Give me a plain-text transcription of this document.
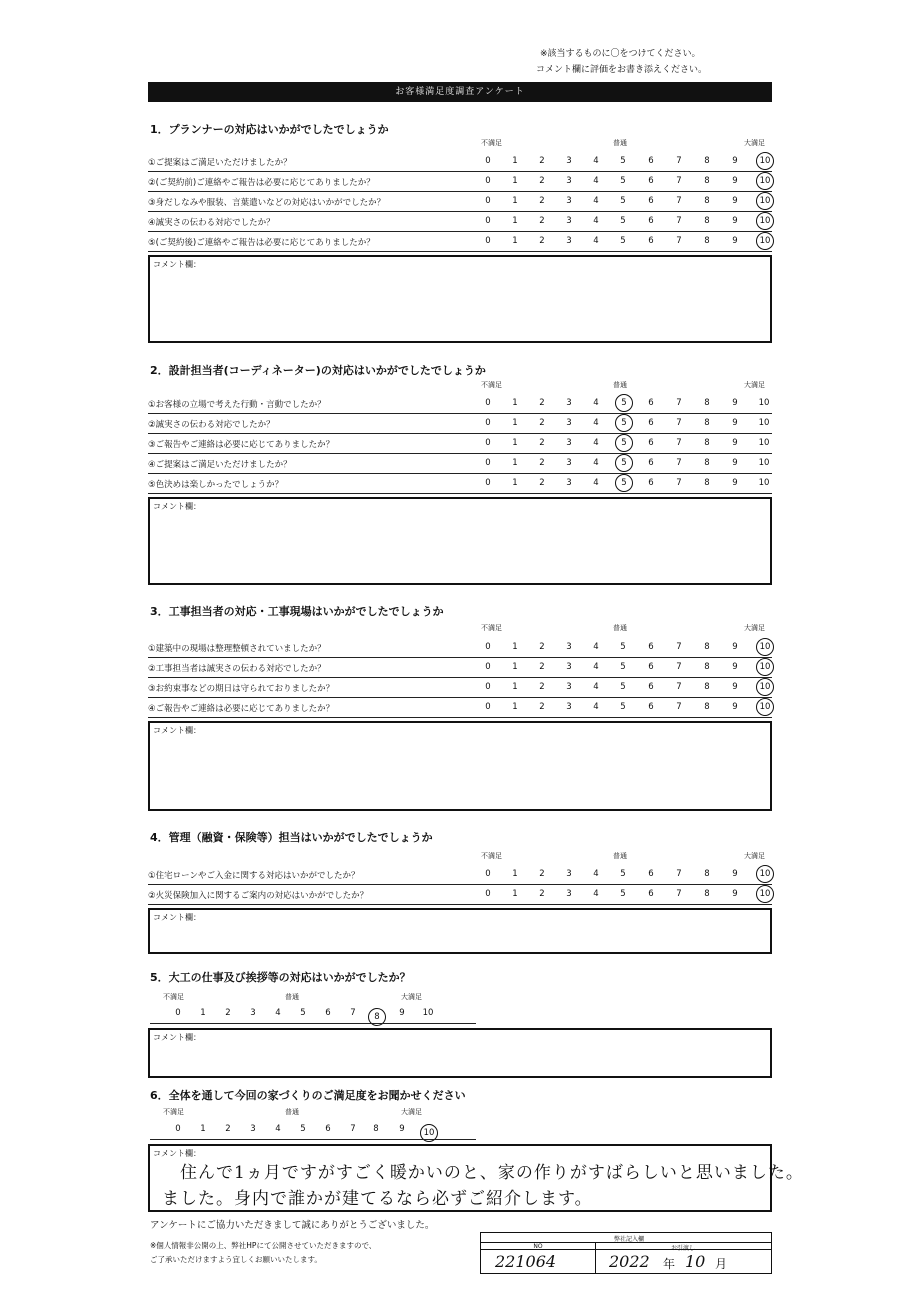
※該当するものに〇をつけてください。
コメント欄に評価をお書き添えください。
お客様満足度調査アンケート
1．プランナーの対応はいかがでしたでしょうか
不満足	普通	大満足
①ご提案はご満足いただけましたか？	0	1	2	3	4	5	6	7	8	9	10
②(ご契約前)ご連絡やご報告は必要に応じてありましたか？	0	1	2	3	4	5	6	7	8	9	10
③身だしなみや服装、言葉遣いなどの対応はいかがでしたか？	0	1	2	3	4	5	6	7	8	9	10
④誠実さの伝わる対応でしたか？	0	1	2	3	4	5	6	7	8	9	10
⑤(ご契約後)ご連絡やご報告は必要に応じてありましたか？	0	1	2	3	4	5	6	7	8	9	10
コメント欄：
2．設計担当者(コーディネーター)の対応はいかがでしたでしょうか
不満足	普通	大満足
①お客様の立場で考えた行動・言動でしたか？	0	1	2	3	4	5	6	7	8	9	10
②誠実さの伝わる対応でしたか？	0	1	2	3	4	5	6	7	8	9	10
③ご報告やご連絡は必要に応じてありましたか？	0	1	2	3	4	5	6	7	8	9	10
④ご提案はご満足いただけましたか？	0	1	2	3	4	5	6	7	8	9	10
⑤色決めは楽しかったでしょうか？	0	1	2	3	4	5	6	7	8	9	10
コメント欄：
3．工事担当者の対応・工事現場はいかがでしたでしょうか
不満足	普通	大満足
①建築中の現場は整理整頓されていましたか？	0	1	2	3	4	5	6	7	8	9	10
②工事担当者は誠実さの伝わる対応でしたか？	0	1	2	3	4	5	6	7	8	9	10
③お約束事などの期日は守られておりましたか？	0	1	2	3	4	5	6	7	8	9	10
④ご報告やご連絡は必要に応じてありましたか？	0	1	2	3	4	5	6	7	8	9	10
コメント欄：
4．管理（融資・保険等）担当はいかがでしたでしょうか
不満足	普通	大満足
①住宅ローンやご入金に関する対応はいかがでしたか？	0	1	2	3	4	5	6	7	8	9	10
②火災保険加入に関するご案内の対応はいかがでしたか？	0	1	2	3	4	5	6	7	8	9	10
コメント欄：
5．大工の仕事及び挨拶等の対応はいかがでしたか？
不満足	普通	大満足
0	1	2	3	4	5	6	7	8	9	10
コメント欄：
6．全体を通して今回の家づくりのご満足度をお聞かせください
不満足	普通	大満足
0	1	2	3	4	5	6	7	8	9	10
コメント欄：
住んで1ヵ月ですがすごく暖かいのと、家の作りがすばらしいと思いました。
ました。身内で誰かが建てるなら必ずご紹介します。
アンケートにご協力いただきまして誠にありがとうございました。
※個人情報非公開の上、弊社HPにて公開させていただきますので、
ご了承いただけますよう宜しくお願いいたします。
弊社記入欄
NO	お引渡し
221064	2022 年 10 月
